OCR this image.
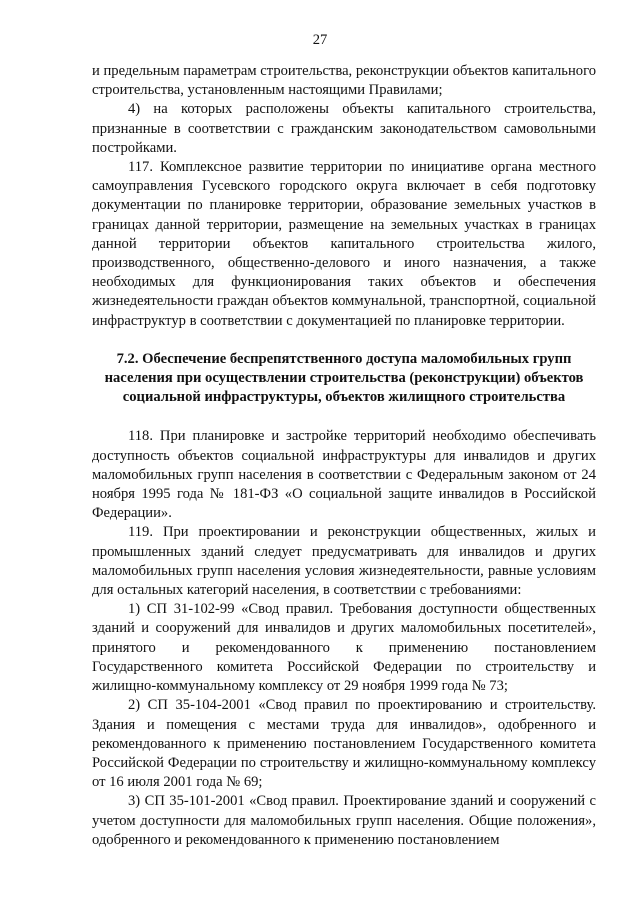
27

и предельным параметрам строительства, реконструкции объектов капитального строительства, установленным настоящими Правилами;

4) на которых расположены объекты капитального строительства, признанные в соответствии с гражданским законодательством самовольными постройками.

117. Комплексное развитие территории по инициативе органа местного самоуправления Гусевского городского округа включает в себя подготовку документации по планировке территории, образование земельных участков в границах данной территории, размещение на земельных участках в границах данной территории объектов капитального строительства жилого, производственного, общественно-делового и иного назначения, а также необходимых для функционирования таких объектов и обеспечения жизнедеятельности граждан объектов коммунальной, транспортной, социальной инфраструктур в соответствии с документацией по планировке территории.

7.2. Обеспечение беспрепятственного доступа маломобильных групп населения при осуществлении строительства (реконструкции) объектов социальной инфраструктуры, объектов жилищного строительства

118. При планировке и застройке территорий необходимо обеспечивать доступность объектов социальной инфраструктуры для инвалидов и других маломобильных групп населения в соответствии с Федеральным законом от 24 ноября 1995 года № 181-ФЗ «О социальной защите инвалидов в Российской Федерации».

119. При проектировании и реконструкции общественных, жилых и промышленных зданий следует предусматривать для инвалидов и других маломобильных групп населения условия жизнедеятельности, равные условиям для остальных категорий населения, в соответствии с требованиями:

1) СП 31-102-99 «Свод правил. Требования доступности общественных зданий и сооружений для инвалидов и других маломобильных посетителей», принятого и рекомендованного к применению постановлением Государственного комитета Российской Федерации по строительству и жилищно-коммунальному комплексу от 29 ноября 1999 года № 73;

2) СП 35-104-2001 «Свод правил по проектированию и строительству. Здания и помещения с местами труда для инвалидов», одобренного и рекомендованного к применению постановлением Государственного комитета Российской Федерации по строительству и жилищно-коммунальному комплексу от 16 июля 2001 года № 69;

3) СП 35-101-2001 «Свод правил. Проектирование зданий и сооружений с учетом доступности для маломобильных групп населения. Общие положения», одобренного и рекомендованного к применению постановлением
